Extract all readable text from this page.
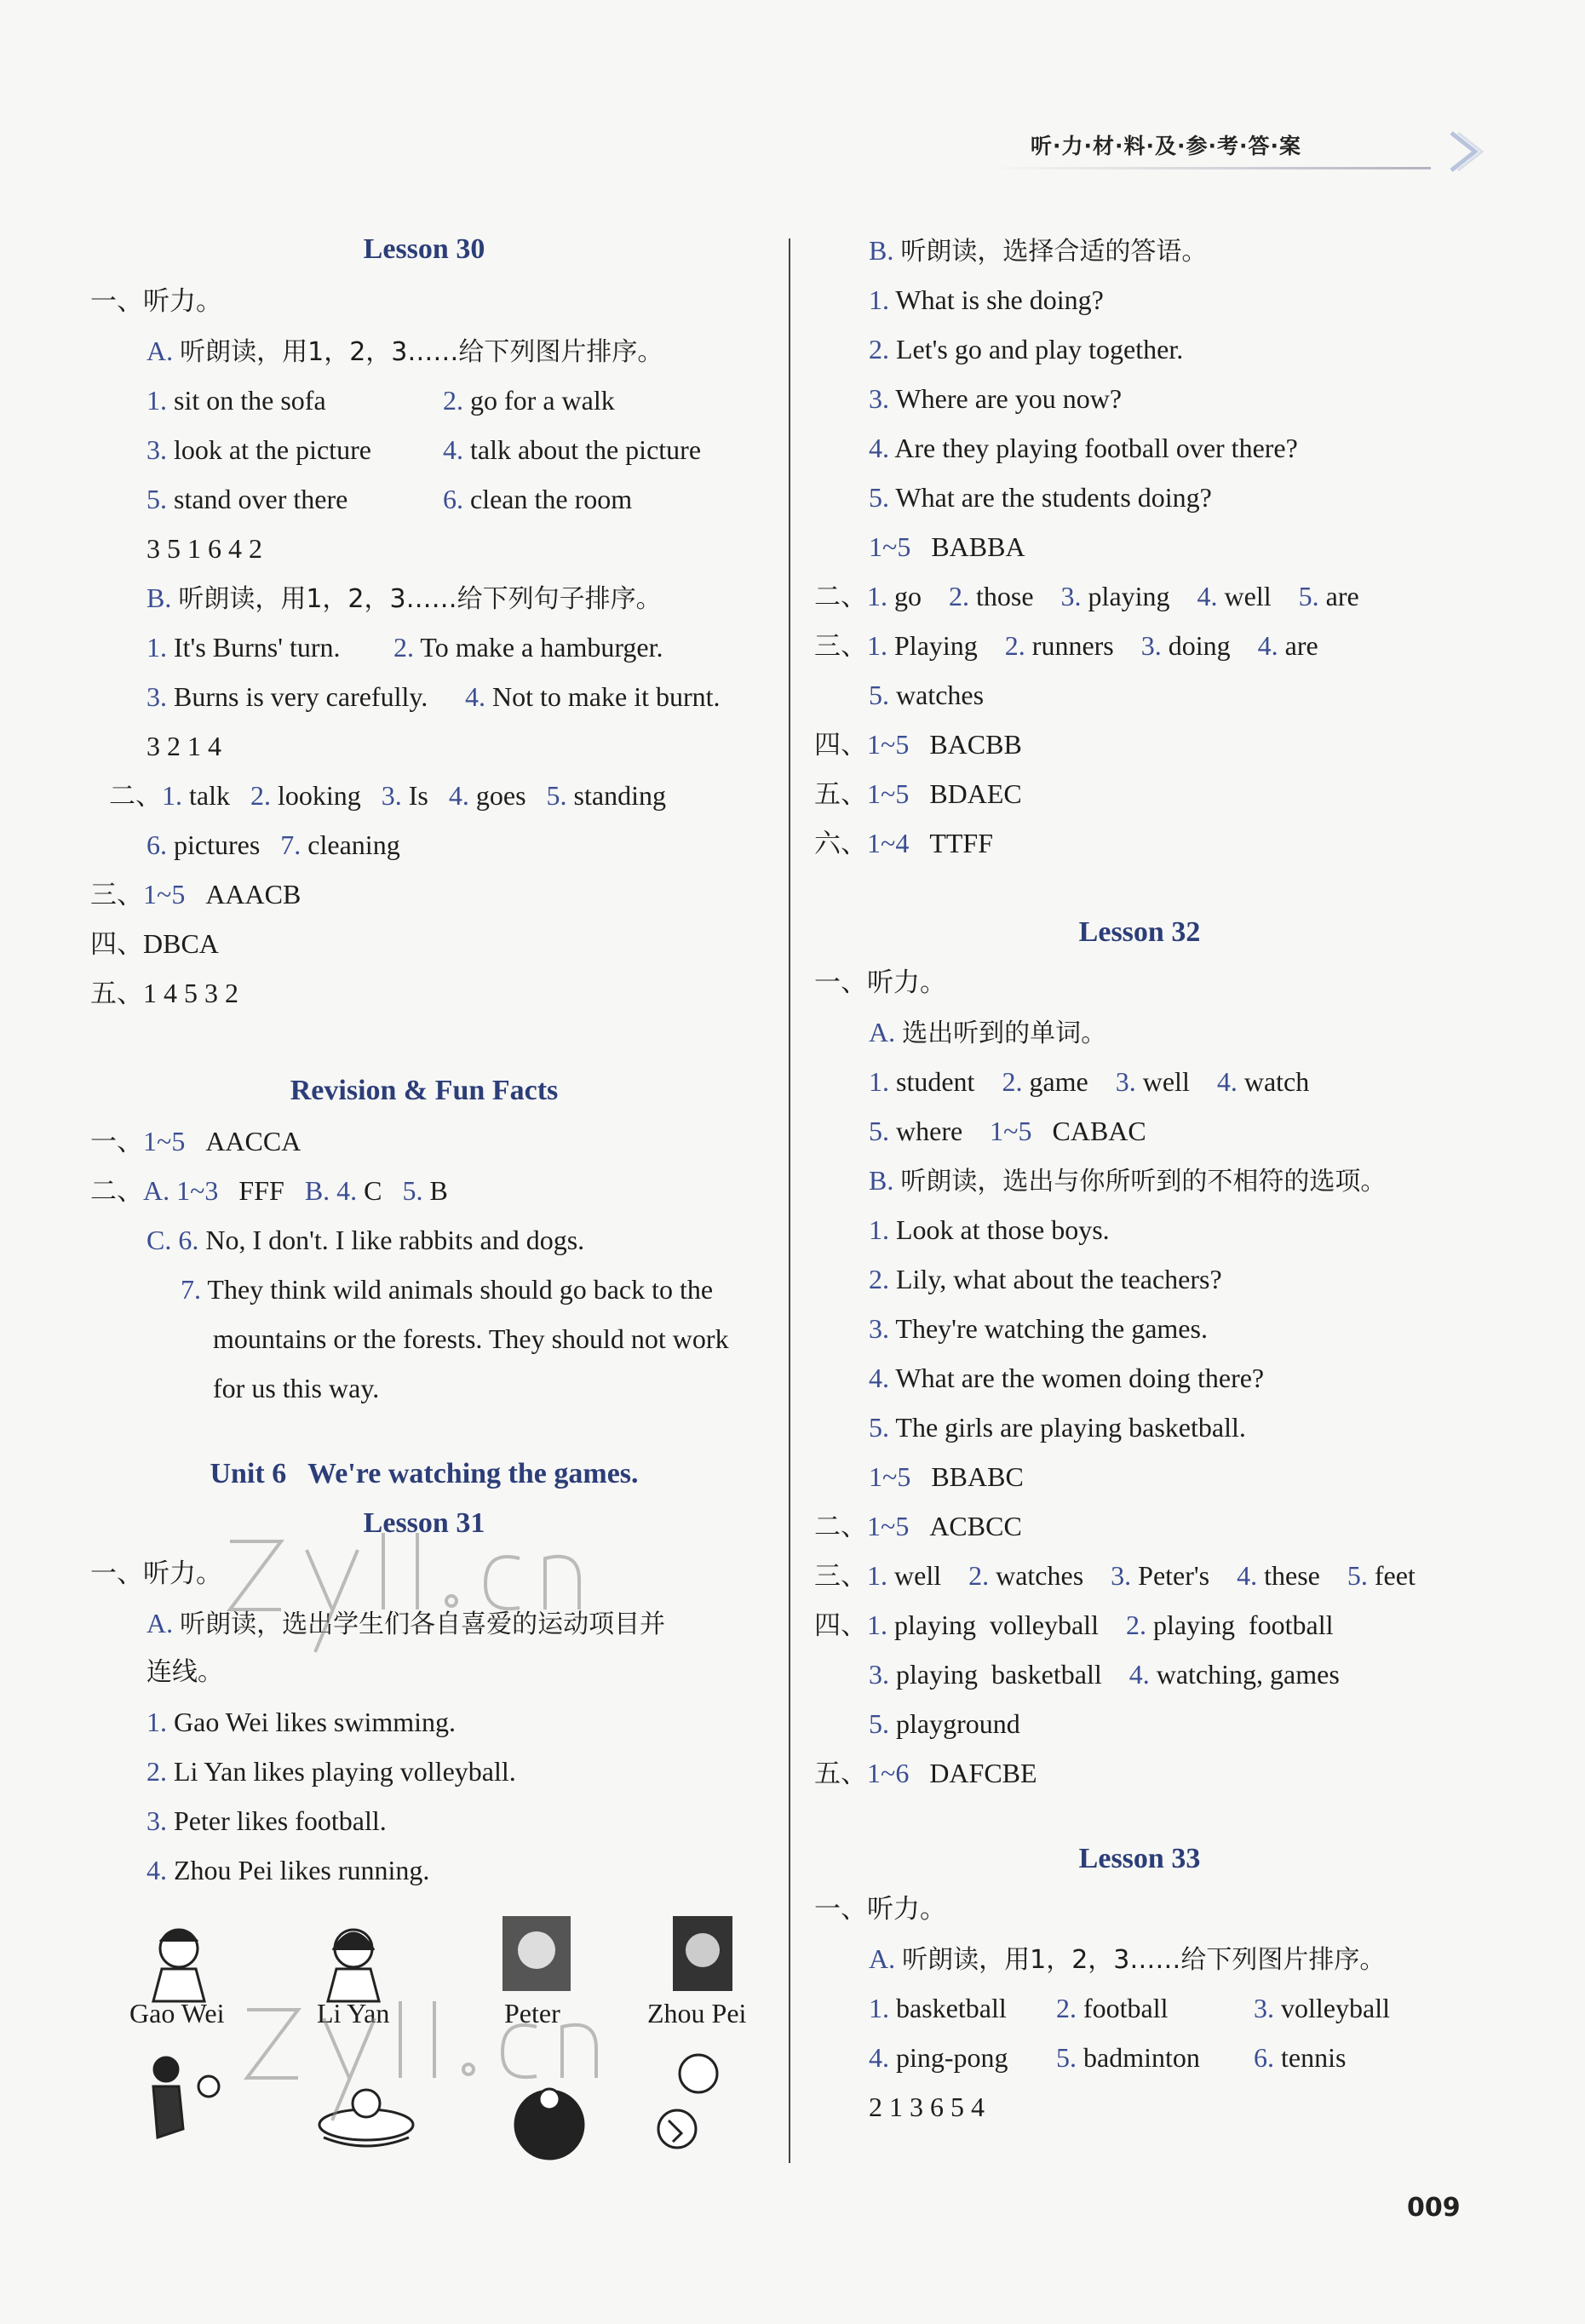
听·力·材·料·及·参·考·答·案
Lesson 30
一、听力。
A. 听朗读，用1，2，3……给下列图片排序。
1. sit on the sofa	2. go for a walk
3. look at the picture	4. talk about the picture
5. stand over there	6. clean the room
3 5 1 6 4 2
B. 听朗读，用1，2，3……给下列句子排序。
1. It's Burns' turn. 2. To make a hamburger.
3. Burns is very carefully. 4. Not to make it burnt.
3 2 1 4
二、1. talk 2. looking 3. Is 4. goes 5. standing
6. pictures 7. cleaning
三、1~5 AAACB
四、DBCA
五、1 4 5 3 2
Revision & Fun Facts
一、1~5 AACCA
二、A. 1~3 FFF B. 4. C 5. B
C. 6. No, I don't. I like rabbits and dogs.
7. They think wild animals should go back to the
mountains or the forests. They should not work
for us this way.
Unit 6   We're watching the games.
Lesson 31
一、听力。
A. 听朗读，选出学生们各自喜爱的运动项目并
连线。
1. Gao Wei likes swimming.
2. Li Yan likes playing volleyball.
3. Peter likes football.
4. Zhou Pei likes running.
Gao Wei	Li Yan	Peter	Zhou Pei
B. 听朗读，选择合适的答语。
1. What is she doing?
2. Let's go and play together.
3. Where are you now?
4. Are they playing football over there?
5. What are the students doing?
1~5 BABBA
二、1. go 2. those 3. playing 4. well 5. are
三、1. Playing 2. runners 3. doing 4. are
5. watches
四、1~5 BACBB
五、1~5 BDAEC
六、1~4 TTFF
Lesson 32
一、听力。
A. 选出听到的单词。
1. student 2. game 3. well 4. watch
5. where 1~5 CABAC
B. 听朗读，选出与你所听到的不相符的选项。
1. Look at those boys.
2. Lily, what about the teachers?
3. They're watching the games.
4. What are the women doing there?
5. The girls are playing basketball.
1~5 BBABC
二、1~5 ACBCC
三、1. well 2. watches 3. Peter's 4. these 5. feet
四、1. playing  volleyball 2. playing  football
3. playing  basketball 4. watching, games
5. playground
五、1~6 DAFCBE
Lesson 33
一、听力。
A. 听朗读，用1，2，3……给下列图片排序。
1. basketball 2. football	3. volleyball
4. ping-pong 5. badminton 6. tennis
2 1 3 6 5 4
009
